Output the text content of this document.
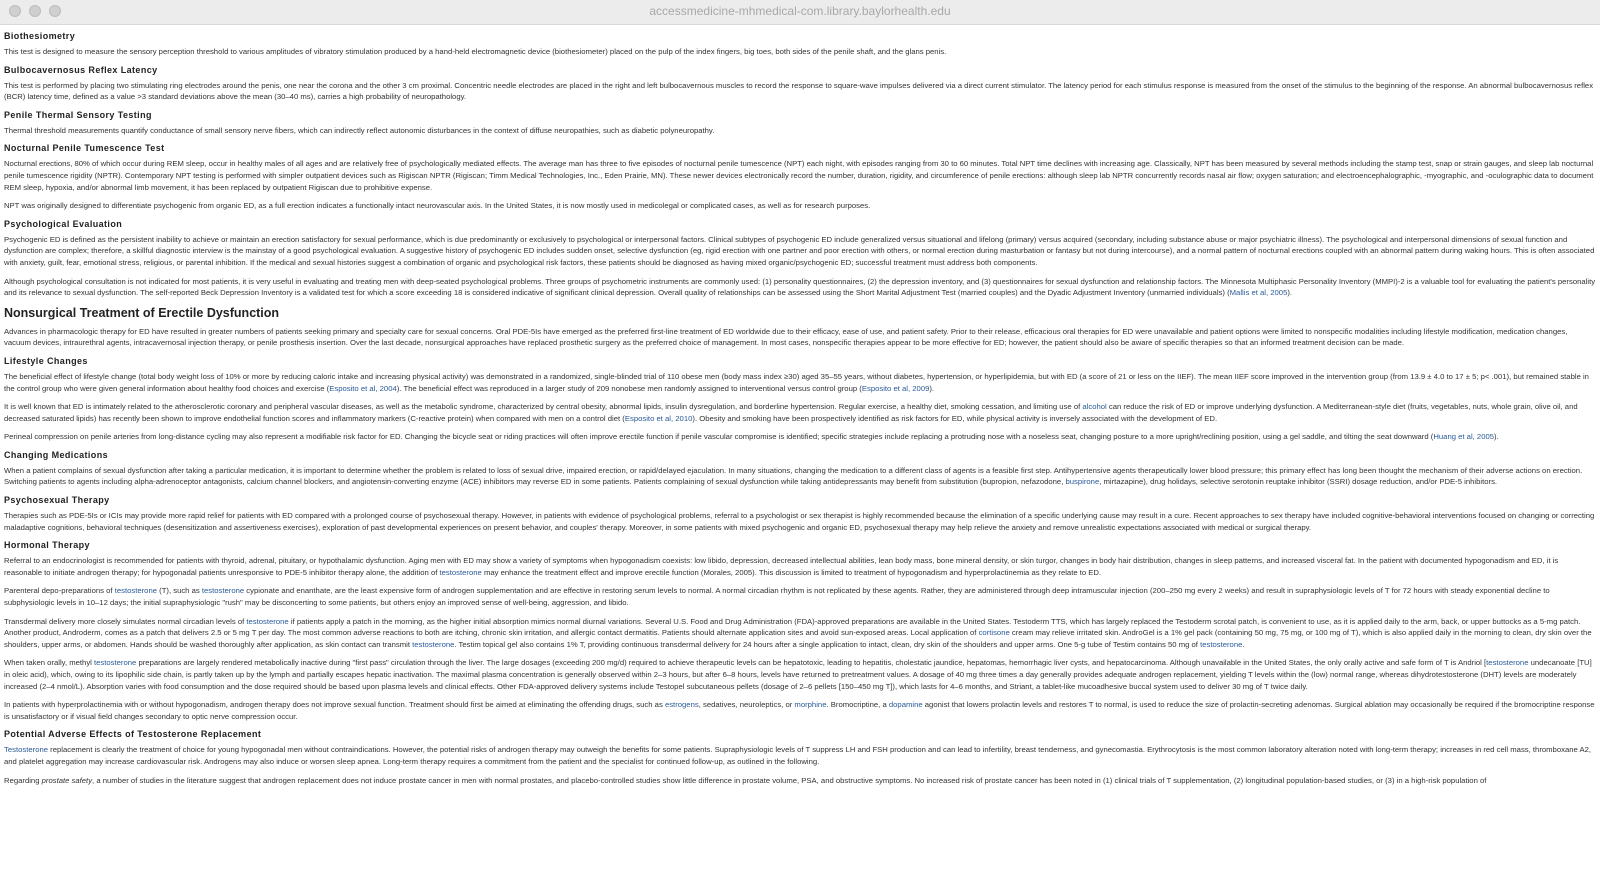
accessmedicine-mhmedical-com.library.baylorhealth.edu
Biothesiometry

This test is designed to measure the sensory perception threshold to various amplitudes of vibratory stimulation produced by a hand-held electromagnetic device (biothesiometer) placed on the pulp of the index fingers, big toes, both sides of the penile shaft, and the glans penis.

Bulbocavernosus Reflex Latency

This test is performed by placing two stimulating ring electrodes around the penis, one near the corona and the other 3 cm proximal. Concentric needle electrodes are placed in the right and left bulbocavernous muscles to record the response to square-wave impulses delivered via a direct current stimulator. The latency period for each stimulus response is measured from the onset of the stimulus to the beginning of the response. An abnormal bulbocavernosus reflex (BCR) latency time, defined as a value >3 standard deviations above the mean (30–40 ms), carries a high probability of neuropathology.

Penile Thermal Sensory Testing

Thermal threshold measurements quantify conductance of small sensory nerve fibers, which can indirectly reflect autonomic disturbances in the context of diffuse neuropathies, such as diabetic polyneuropathy.

Nocturnal Penile Tumescence Test

Nocturnal erections, 80% of which occur during REM sleep, occur in healthy males of all ages and are relatively free of psychologically mediated effects. The average man has three to five episodes of nocturnal penile tumescence (NPT) each night, with episodes ranging from 30 to 60 minutes. Total NPT time declines with increasing age. Classically, NPT has been measured by several methods including the stamp test, snap or strain gauges, and sleep lab nocturnal penile tumescence rigidity (NPTR). Contemporary NPT testing is performed with simpler outpatient devices such as Rigiscan NPTR (Rigiscan; Timm Medical Technologies, Inc., Eden Prairie, MN). These newer devices electronically record the number, duration, rigidity, and circumference of penile erections: although sleep lab NPTR concurrently records nasal air flow; oxygen saturation; and electroencephalographic, -myographic, and -oculographic data to document REM sleep, hypoxia, and/or abnormal limb movement, it has been replaced by outpatient Rigiscan due to prohibitive expense.

NPT was originally designed to differentiate psychogenic from organic ED, as a full erection indicates a functionally intact neurovascular axis. In the United States, it is now mostly used in medicolegal or complicated cases, as well as for research purposes.

Psychological Evaluation

Psychogenic ED is defined as the persistent inability to achieve or maintain an erection satisfactory for sexual performance, which is due predominantly or exclusively to psychological or interpersonal factors. Clinical subtypes of psychogenic ED include generalized versus situational and lifelong (primary) versus acquired (secondary, including substance abuse or major psychiatric illness). The psychological and interpersonal dimensions of sexual function and dysfunction are complex; therefore, a skillful diagnostic interview is the mainstay of a good psychological evaluation. A suggestive history of psychogenic ED includes sudden onset, selective dysfunction (eg, rigid erection with one partner and poor erection with others, or normal erection during masturbation or fantasy but not during intercourse), and a normal pattern of nocturnal erections coupled with an abnormal pattern during waking hours. This is often associated with anxiety, guilt, fear, emotional stress, religious, or parental inhibition. If the medical and sexual histories suggest a combination of organic and psychological risk factors, these patients should be diagnosed as having mixed organic/psychogenic ED; successful treatment must address both components.

Although psychological consultation is not indicated for most patients, it is very useful in evaluating and treating men with deep-seated psychological problems. Three groups of psychometric instruments are commonly used: (1) personality questionnaires, (2) the depression inventory, and (3) questionnaires for sexual dysfunction and relationship factors. The Minnesota Multiphasic Personality Inventory (MMPI)-2 is a valuable tool for evaluating the patient's personality and its relevance to sexual dysfunction. The self-reported Beck Depression Inventory is a validated test for which a score exceeding 18 is considered indicative of significant clinical depression. Overall quality of relationships can be assessed using the Short Marital Adjustment Test (married couples) and the Dyadic Adjustment Inventory (unmarried individuals) (Mallis et al, 2005).

Nonsurgical Treatment of Erectile Dysfunction

Advances in pharmacologic therapy for ED have resulted in greater numbers of patients seeking primary and specialty care for sexual concerns. Oral PDE-5Is have emerged as the preferred first-line treatment of ED worldwide due to their efficacy, ease of use, and patient safety. Prior to their release, efficacious oral therapies for ED were unavailable and patient options were limited to nonspecific modalities including lifestyle modification, medication changes, vacuum devices, intraurethral agents, intracavernosal injection therapy, or penile prosthesis insertion. Over the last decade, nonsurgical approaches have replaced prosthetic surgery as the preferred choice of management. In most cases, nonspecific therapies appear to be more effective for ED; however, the patient should also be aware of specific therapies so that an informed treatment decision can be made.

Lifestyle Changes

The beneficial effect of lifestyle change (total body weight loss of 10% or more by reducing caloric intake and increasing physical activity) was demonstrated in a randomized, single-blinded trial of 110 obese men (body mass index ≥30) aged 35–55 years, without diabetes, hypertension, or hyperlipidemia, but with ED (a score of 21 or less on the IIEF). The mean IIEF score improved in the intervention group (from 13.9 ± 4.0 to 17 ± 5; p< .001), but remained stable in the control group who were given general information about healthy food choices and exercise (Esposito et al, 2004). The beneficial effect was reproduced in a larger study of 209 nonobese men randomly assigned to interventional versus control group (Esposito et al, 2009).

It is well known that ED is intimately related to the atherosclerotic coronary and peripheral vascular diseases, as well as the metabolic syndrome, characterized by central obesity, abnormal lipids, insulin dysregulation, and borderline hypertension. Regular exercise, a healthy diet, smoking cessation, and limiting use of alcohol can reduce the risk of ED or improve underlying dysfunction. A Mediterranean-style diet (fruits, vegetables, nuts, whole grain, olive oil, and decreased saturated lipids) has recently been shown to improve endothelial function scores and inflammatory markers (C-reactive protein) when compared with men on a control diet (Esposito et al, 2010). Obesity and smoking have been prospectively identified as risk factors for ED, while physical activity is inversely associated with the development of ED.

Perineal compression on penile arteries from long-distance cycling may also represent a modifiable risk factor for ED. Changing the bicycle seat or riding practices will often improve erectile function if penile vascular compromise is identified; specific strategies include replacing a protruding nose with a noseless seat, changing posture to a more upright/reclining position, using a gel saddle, and tilting the seat downward (Huang et al, 2005).

Changing Medications

When a patient complains of sexual dysfunction after taking a particular medication, it is important to determine whether the problem is related to loss of sexual drive, impaired erection, or rapid/delayed ejaculation. In many situations, changing the medication to a different class of agents is a feasible first step. Antihypertensive agents therapeutically lower blood pressure; this primary effect has long been thought the mechanism of their adverse actions on erection. Switching patients to agents including alpha-adrenoceptor antagonists, calcium channel blockers, and angiotensin-converting enzyme (ACE) inhibitors may reverse ED in some patients. Patients complaining of sexual dysfunction while taking antidepressants may benefit from substitution (bupropion, nefazodone, buspirone, mirtazapine), drug holidays, selective serotonin reuptake inhibitor (SSRI) dosage reduction, and/or PDE-5 inhibitors.

Psychosexual Therapy

Therapies such as PDE-5Is or ICIs may provide more rapid relief for patients with ED compared with a prolonged course of psychosexual therapy. However, in patients with evidence of psychological problems, referral to a psychologist or sex therapist is highly recommended because the elimination of a specific underlying cause may result in a cure. Recent approaches to sex therapy have included cognitive-behavioral interventions focused on changing or correcting maladaptive cognitions, behavioral techniques (desensitization and assertiveness exercises), exploration of past developmental experiences on present behavior, and couples' therapy. Moreover, in some patients with mixed psychogenic and organic ED, psychosexual therapy may help relieve the anxiety and remove unrealistic expectations associated with medical or surgical therapy.

Hormonal Therapy

Referral to an endocrinologist is recommended for patients with thyroid, adrenal, pituitary, or hypothalamic dysfunction. Aging men with ED may show a variety of symptoms when hypogonadism coexists: low libido, depression, decreased intellectual abilities, lean body mass, bone mineral density, or skin turgor, changes in body hair distribution, changes in sleep patterns, and increased visceral fat. In the patient with documented hypogonadism and ED, it is reasonable to initiate androgen therapy; for hypogonadal patients unresponsive to PDE-5 inhibitor therapy alone, the addition of testosterone may enhance the treatment effect and improve erectile function (Morales, 2005). This discussion is limited to treatment of hypogonadism and hyperprolactinemia as they relate to ED.

Parenteral depo-preparations of testosterone (T), such as testosterone cypionate and enanthate, are the least expensive form of androgen supplementation and are effective in restoring serum levels to normal. A normal circadian rhythm is not replicated by these agents. Rather, they are administered through deep intramuscular injection (200–250 mg every 2 weeks) and result in supraphysiologic levels of T for 72 hours with steady exponential decline to subphysiologic levels in 10–12 days; the initial supraphysiologic "rush" may be disconcerting to some patients, but others enjoy an improved sense of well-being, aggression, and libido.

Transdermal delivery more closely simulates normal circadian levels of testosterone if patients apply a patch in the morning, as the higher initial absorption mimics normal diurnal variations. Several U.S. Food and Drug Administration (FDA)-approved preparations are available in the United States. Testoderm TTS, which has largely replaced the Testoderm scrotal patch, is convenient to use, as it is applied daily to the arm, back, or upper buttocks as a 5-mg patch. Another product, Androderm, comes as a patch that delivers 2.5 or 5 mg T per day. The most common adverse reactions to both are itching, chronic skin irritation, and allergic contact dermatitis. Patients should alternate application sites and avoid sun-exposed areas. Local application of cortisone cream may relieve irritated skin. AndroGel is a 1% gel pack (containing 50 mg, 75 mg, or 100 mg of T), which is also applied daily in the morning to clean, dry skin over the shoulders, upper arms, or abdomen. Hands should be washed thoroughly after application, as skin contact can transmit testosterone. Testim topical gel also contains 1% T, providing continuous transdermal delivery for 24 hours after a single application to intact, clean, dry skin of the shoulders and upper arms. One 5-g tube of Testim contains 50 mg of testosterone.

When taken orally, methyl testosterone preparations are largely rendered metabolically inactive during "first pass" circulation through the liver. The large dosages (exceeding 200 mg/d) required to achieve therapeutic levels can be hepatotoxic, leading to hepatitis, cholestatic jaundice, hepatomas, hemorrhagic liver cysts, and hepatocarcinoma. Although unavailable in the United States, the only orally active and safe form of T is Andriol [testosterone undecanoate [TU] in oleic acid), which, owing to its lipophilic side chain, is partly taken up by the lymph and partially escapes hepatic inactivation. The maximal plasma concentration is generally observed within 2–3 hours, but after 6–8 hours, levels have returned to pretreatment values. A dosage of 40 mg three times a day generally provides adequate androgen replacement, yielding T levels within the (low) normal range, whereas dihydrotestosterone (DHT) levels are moderately increased (2–4 nmol/L). Absorption varies with food consumption and the dose required should be based upon plasma levels and clinical effects. Other FDA-approved delivery systems include Testopel subcutaneous pellets (dosage of 2–6 pellets [150–450 mg T]), which lasts for 4–6 months, and Striant, a tablet-like mucoadhesive buccal system used to deliver 30 mg of T twice daily.

In patients with hyperprolactinemia with or without hypogonadism, androgen therapy does not improve sexual function. Treatment should first be aimed at eliminating the offending drugs, such as estrogens, sedatives, neuroleptics, or morphine. Bromocriptine, a dopamine agonist that lowers prolactin levels and restores T to normal, is used to reduce the size of prolactin-secreting adenomas. Surgical ablation may occasionally be required if the bromocriptine response is unsatisfactory or if visual field changes secondary to optic nerve compression occur.

Potential Adverse Effects of Testosterone Replacement

Testosterone replacement is clearly the treatment of choice for young hypogonadal men without contraindications. However, the potential risks of androgen therapy may outweigh the benefits for some patients. Supraphysiologic levels of T suppress LH and FSH production and can lead to infertility, breast tenderness, and gynecomastia. Erythrocytosis is the most common laboratory alteration noted with long-term therapy; increases in red cell mass, thromboxane A2, and platelet aggregation may increase cardiovascular risk. Androgens may also induce or worsen sleep apnea. Long-term therapy requires a commitment from the patient and the specialist for continued follow-up, as outlined in the following.

Regarding prostate safety, a number of studies in the literature suggest that androgen replacement does not induce prostate cancer in men with normal prostates, and placebo-controlled studies show little difference in prostate volume, PSA, and obstructive symptoms. No increased risk of prostate cancer has been noted in (1) clinical trials of T supplementation, (2) longitudinal population-based studies, or (3) in a high-risk population of
